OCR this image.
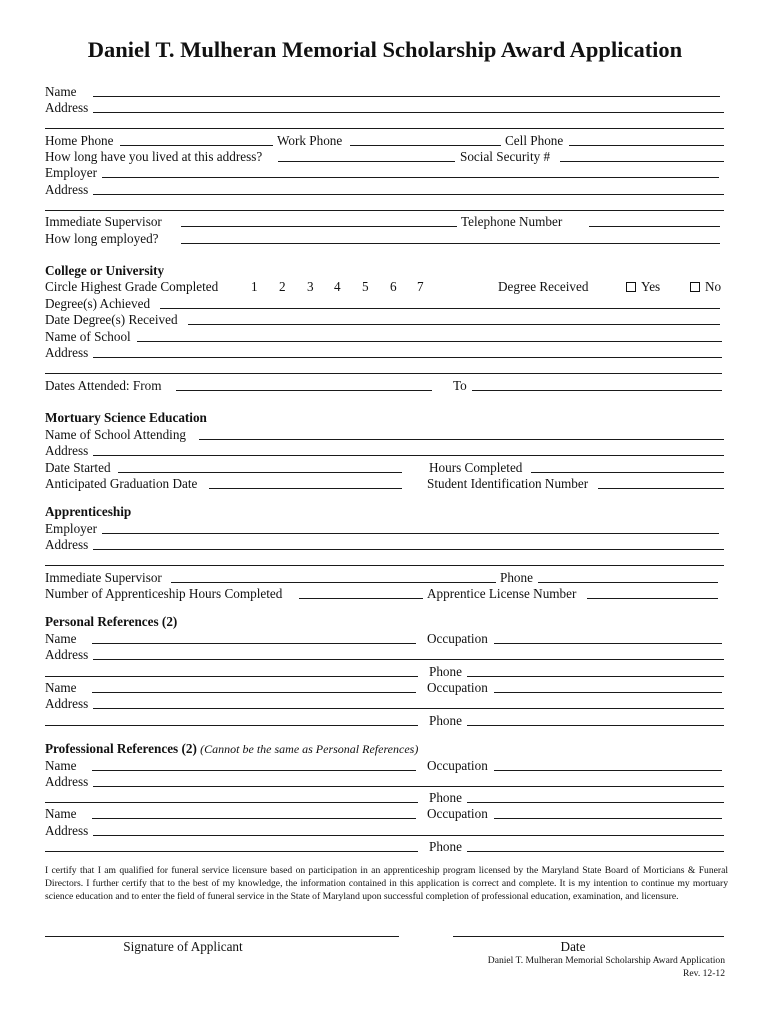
Daniel T. Mulheran Memorial Scholarship Award Application
Name
Address
Home Phone	Work Phone	Cell Phone
How long have you lived at this address?	Social Security #
Employer
Address
Immediate Supervisor	Telephone Number
How long employed?
College or University
Circle Highest Grade Completed 1 2 3 4 5 6 7	Degree Received	Yes	No
Degree(s) Achieved
Date Degree(s) Received
Name of School
Address
Dates Attended: From	To
Mortuary Science Education
Name of School Attending
Address
Date Started	Hours Completed
Anticipated Graduation Date	Student Identification Number
Apprenticeship
Employer
Address
Immediate Supervisor	Phone
Number of Apprenticeship Hours Completed	Apprentice License Number
Personal References (2)
Name	Occupation
Address
Phone
Name	Occupation
Address
Phone
Professional References (2) (Cannot be the same as Personal References)
Name	Occupation
Address
Phone
Name	Occupation
Address
Phone
I certify that I am qualified for funeral service licensure based on participation in an apprenticeship program licensed by the Maryland State Board of Morticians & Funeral Directors. I further certify that to the best of my knowledge, the information contained in this application is correct and complete. It is my intention to continue my mortuary science education and to enter the field of funeral service in the State of Maryland upon successful completion of professional education, examination, and licensure.
Signature of Applicant	Date
Daniel T. Mulheran Memorial Scholarship Award Application
Rev. 12-12
